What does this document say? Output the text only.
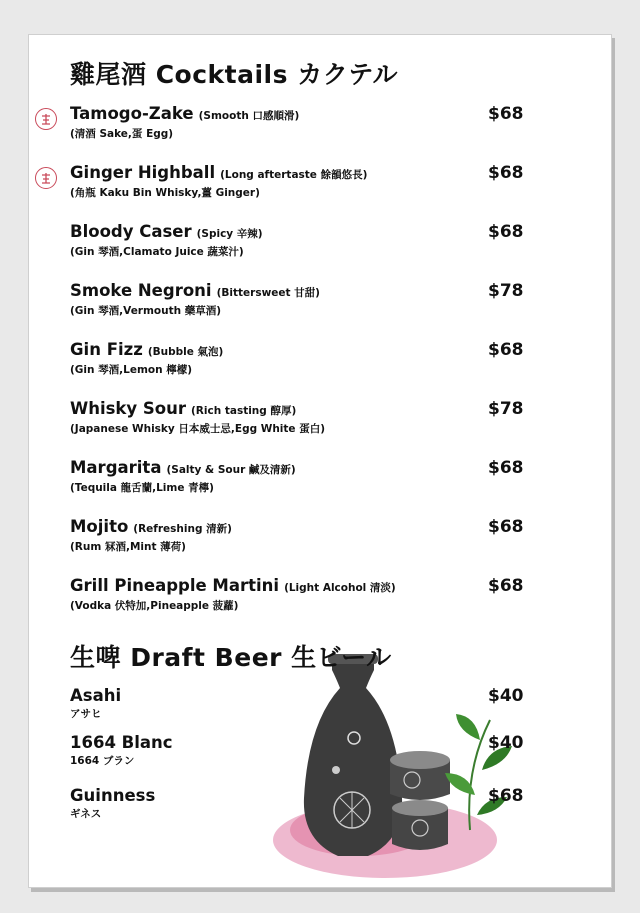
雞尾酒 Cocktails カクテル
Tamogo-Zake (Smooth 口感順滑)
(清酒 Sake,蛋 Egg)
$68
Ginger Highball (Long aftertaste 餘韻悠長)
(角瓶 Kaku Bin Whisky,薑 Ginger)
$68
Bloody Caser (Spicy 辛辣)
(Gin 琴酒,Clamato Juice 蔬菜汁)
$68
Smoke Negroni (Bittersweet 甘甜)
(Gin 琴酒,Vermouth 藥草酒)
$78
Gin Fizz (Bubble 氣泡)
(Gin 琴酒,Lemon 檸檬)
$68
Whisky Sour (Rich tasting 醇厚)
(Japanese Whisky 日本威士忌,Egg White 蛋白)
$78
Margarita (Salty & Sour 鹹及清新)
(Tequila 龍舌蘭,Lime 青檸)
$68
Mojito (Refreshing 清新)
(Rum 冧酒,Mint 薄荷)
$68
Grill Pineapple Martini (Light Alcohol 清淡)
(Vodka 伏特加,Pineapple 菠蘿)
$68
生啤 Draft Beer 生ビール
Asahi
アサヒ
$40
1664 Blanc
1664 ブラン
$40
Guinness
ギネス
$68
